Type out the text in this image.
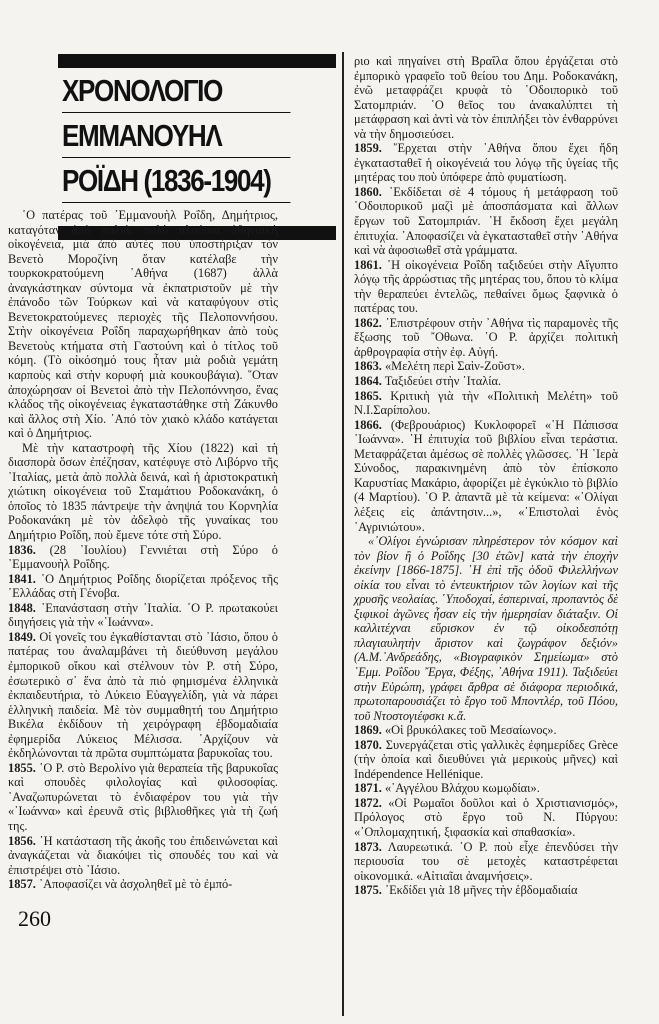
ΧΡΟΝΟΛΟΓΙΟ
ΕΜΜΑΝΟΥΗΛ
ΡΟΪΔΗ (1836-1904)

῾Ο πατέρας τοῦ ᾿Εμμανουὴλ Ροΐδη, Δημήτριος, καταγόταν ἀπὸ παλιά, πολὺ πλούσια ἀθηναϊκὴ οἰκογένεια, μιὰ ἀπὸ αὐτὲς ποὺ ὑποστήριξαν τὸν Βενετὸ Μοροζίνη ὅταν κατέλαβε τὴν τουρκοκρατούμενη ᾿Αθήνα (1687) ἀλλὰ ἀναγκάστηκαν σύντομα νὰ ἐκπατριστοῦν μὲ τὴν ἐπάνοδο τῶν Τούρκων καὶ νὰ καταφύγουν στὶς Βενετοκρατούμενες περιοχὲς τῆς Πελοποννήσου. Στὴν οἰκογένεια Ροΐδη παραχωρήθηκαν ἀπὸ τοὺς Βενετοὺς κτήματα στὴ Γαστούνη καὶ ὁ τίτλος τοῦ κόμη. (Τὸ οἰκόσημό τους ἦταν μιὰ ροδιὰ γεμάτη καρποὺς καὶ στὴν κορυφή μιὰ κουκουβάγια). ῞Οταν ἀποχώρησαν οἱ Βενετοὶ ἀπὸ τὴν Πελοπόννησο, ἕνας κλάδος τῆς οἰκογένειας ἐγκαταστάθηκε στὴ Ζάκυνθο καὶ ἄλλος στὴ Χίο. ᾿Από τὸν χιακὸ κλάδο κατάγεται καὶ ὁ Δημήτριος.

Μὲ τὴν καταστροφὴ τῆς Χίου (1822) καὶ τὴ διασπορὰ ὅσων ἐπέζησαν, κατέφυγε στὸ Λιβόρνο τῆς ᾿Ιταλίας, μετὰ ἀπὸ πολλὰ δεινά, καὶ ἡ ἀριστοκρατικὴ χιώτικη οἰκογένεια τοῦ Σταμάτιου Ροδοκανάκη, ὁ ὁποῖος τὸ 1835 πάντρεψε τὴν ἀνηψιά του Κορνηλία Ροδοκανάκη μὲ τὸν ἀδελφὸ τῆς γυναίκας του Δημήτριο Ροΐδη, ποὺ ἔμενε τότε στὴ Σύρο.

1836. (28 ᾿Ιουλίου) Γεννιέται στὴ Σύρο ὁ ᾿Εμμανουὴλ Ροΐδης.

1841. ῾Ο Δημήτριος Ροΐδης διορίζεται πρόξενος τῆς ῾Ελλάδας στὴ Γένοβα.

1848. ᾿Επανάσταση στὴν ᾿Ιταλία. ῾Ο Ρ. πρωτακούει διηγήσεις γιὰ τὴν «᾿Ιωάννα».

1849. Οἱ γονεῖς του ἐγκαθίστανται στὸ ᾿Ιάσιο, ὅπου ὁ πατέρας του ἀναλαμβάνει τὴ διεύθυνση μεγάλου ἐμπορικοῦ οἴκου καὶ στέλνουν τὸν Ρ. στὴ Σύρο, ἐσωτερικὸ σ᾿ ἕνα ἀπὸ τὰ πιὸ φημισμένα ἑλληνικὰ ἐκπαιδευτήρια, τὸ Λύκειο Εὐαγγελίδη, γιὰ νὰ πάρει ἑλληνικὴ παιδεία. Μὲ τὸν συμμαθητή του Δημήτριο Βικέλα ἐκδίδουν τὴ χειρόγραφη ἑβδομαδιαία ἐφημερίδα Λύκειος Μέλισσα. ᾿Αρχίζουν νὰ ἐκδηλώνονται τὰ πρῶτα συμπτώματα βαρυκοΐας του.

1855. ῾Ο Ρ. στὸ Βερολίνο γιὰ θεραπεία τῆς βαρυκοΐας καὶ σπουδὲς φιλολογίας καὶ φιλοσοφίας. ᾿Αναζωπυρώνεται τὸ ἐνδιαφέρον του γιὰ τὴν «᾿Ιωάννα» καὶ ἐρευνᾶ στὶς βιβλιοθῆκες γιὰ τὴ ζωή της.

1856. ῾Η κατάσταση τῆς ἀκοῆς του ἐπιδεινώνεται καὶ ἀναγκάζεται νὰ διακόψει τὶς σπουδές του καὶ νὰ ἐπιστρέψει στὸ ᾿Ιάσιο.

1857. ᾿Αποφασίζει νὰ ἀσχοληθεῖ μὲ τὸ ἐμπό-

260

ριο καὶ πηγαίνει στὴ Βραΐλα ὅπου ἐργάζεται στὸ ἐμπορικὸ γραφεῖο τοῦ θείου του Δημ. Ροδοκανάκη, ἐνῶ μεταφράζει κρυφὰ τὸ ῾Οδοιπορικὸ τοῦ Σατομπριάν. ῾Ο θεῖος του ἀνακαλύπτει τὴ μετάφραση καὶ ἀντὶ νὰ τὸν ἐπιπλήξει τὸν ἐνθαρρύνει νὰ τὴν δημοσιεύσει.

1859. ῎Ερχεται στὴν ᾿Αθήνα ὅπου ἔχει ἤδη ἐγκατασταθεῖ ἡ οἰκογένειά του λόγῳ τῆς ὑγείας τῆς μητέρας του ποὺ ὑπόφερε ἀπὸ φυματίωση.

1860. ᾿Εκδίδεται σὲ 4 τόμους ἡ μετάφραση τοῦ ῾Οδοιπορικοῦ μαζὶ μὲ ἀποσπάσματα καὶ ἄλλων ἔργων τοῦ Σατομπριάν. ῾Η ἔκδοση ἔχει μεγάλη ἐπιτυχία. ᾿Αποφασίζει νὰ ἐγκατασταθεῖ στὴν ᾿Αθήνα καὶ νὰ ἀφοσιωθεῖ στὰ γράμματα.

1861. ῾Η οἰκογένεια Ροΐδη ταξιδεύει στὴν Αἴγυπτο λόγῳ τῆς ἀρρώστιας τῆς μητέρας του, ὅπου τὸ κλίμα τὴν θεραπεύει ἐντελῶς, πεθαίνει ὅμως ξαφνικὰ ὁ πατέρας του.

1862. ᾿Επιστρέφουν στὴν ᾿Αθήνα τὶς παραμονὲς τῆς ἔξωσης τοῦ ῎Οθωνα. ῾Ο Ρ. ἀρχίζει πολιτικὴ ἀρθρογραφία στὴν ἐφ. Αὐγή.

1863. «Μελέτη περὶ Σαὶν-Ζοῦστ».

1864. Ταξιδεύει στὴν ᾿Ιταλία.

1865. Κριτικὴ γιὰ τὴν «Πολιτικὴ Μελέτη» τοῦ Ν.Ι.Σαρίπολου.

1866. (Φεβρουάριος) Κυκλοφορεῖ «῾Η Πάπισσα ᾿Ιωάννα». ῾Η ἐπιτυχία τοῦ βιβλίου εἶναι τεράστια. Μεταφράζεται ἀμέσως σὲ πολλὲς γλῶσσες. ῾Η ῾Ιερὰ Σύνοδος, παρακινημένη ἀπὸ τὸν ἐπίσκοπο Καρυστίας Μακάριο, ἀφορίζει μὲ ἐγκύκλιο τὸ βιβλίο (4 Μαρτίου). ῾Ο Ρ. ἀπαντᾶ μὲ τὰ κείμενα: «᾿Ολίγαι λέξεις εἰς ἀπάντησιν...», «᾿Επιστολαὶ ἑνὸς ᾿Αγρινιώτου».

«᾿Ολίγοι ἐγνώρισαν πληρέστερον τὸν κόσμον καὶ τὸν βίον ἢ ὁ Ροΐδης [30 ἐτῶν] κατὰ τὴν ἐποχὴν ἐκείνην [1866-1875]. ῾Η ἐπὶ τῆς ὁδοῦ Φιλελλήνων οἰκία του εἶναι τὸ ἐντευκτήριον τῶν λογίων καὶ τῆς χρυσῆς νεολαίας. ῾Υποδοχαί, ἑσπεριναί, προπαντὸς δὲ ξιφικοὶ ἀγῶνες ἦσαν εἰς τὴν ἡμερησίαν διάταξιν. Οἱ καλλιτέχναι εὕρισκον ἐν τῷ οἰκοδεσπότῃ πλαγιαυλητὴν ἄριστον καὶ ζωγράφον δεξιόν» (Α.Μ.᾿Ανδρεάδης, «Βιογραφικὸν Σημείωμα» στὸ ᾿Εμμ. Ροΐδου ῎Εργα, Φέξης, ᾿Αθήνα 1911). Ταξιδεύει στὴν Εὐρώπη, γράφει ἄρθρα σὲ διάφορα περιοδικά, πρωτοπαρουσιάζει τὸ ἔργο τοῦ Μποντλέρ, τοῦ Πόου, τοῦ Ντοστογιέφσκι κ.ἄ.

1869. «Οἱ βρυκόλακες τοῦ Μεσαίωνος».

1870. Συνεργάζεται στὶς γαλλικὲς ἐφημερίδες Grèce (τὴν ὁποία καὶ διευθύνει γιὰ μερικοὺς μῆνες) καὶ Indépendence Hellénique.

1871. «᾿Αγγέλου Βλάχου κωμῳδίαι».

1872. «Οἱ Ρωμαῖοι δοῦλοι καὶ ὁ Χριστιανισμός», Πρόλογος στὸ ἔργο τοῦ Ν. Πύργου: «᾿Οπλομαχητική, ξιφασκία καὶ σπαθασκία».

1873. Λαυρεωτικά. ῾Ο Ρ. ποὺ εἶχε ἐπενδύσει τὴν περιουσία του σὲ μετοχὲς καταστρέφεται οἰκονομικά. «Αἰτιαῖαι ἀναμνήσεις».

1875. ᾿Εκδίδει γιὰ 18 μῆνες τὴν ἑβδομαδιαία
